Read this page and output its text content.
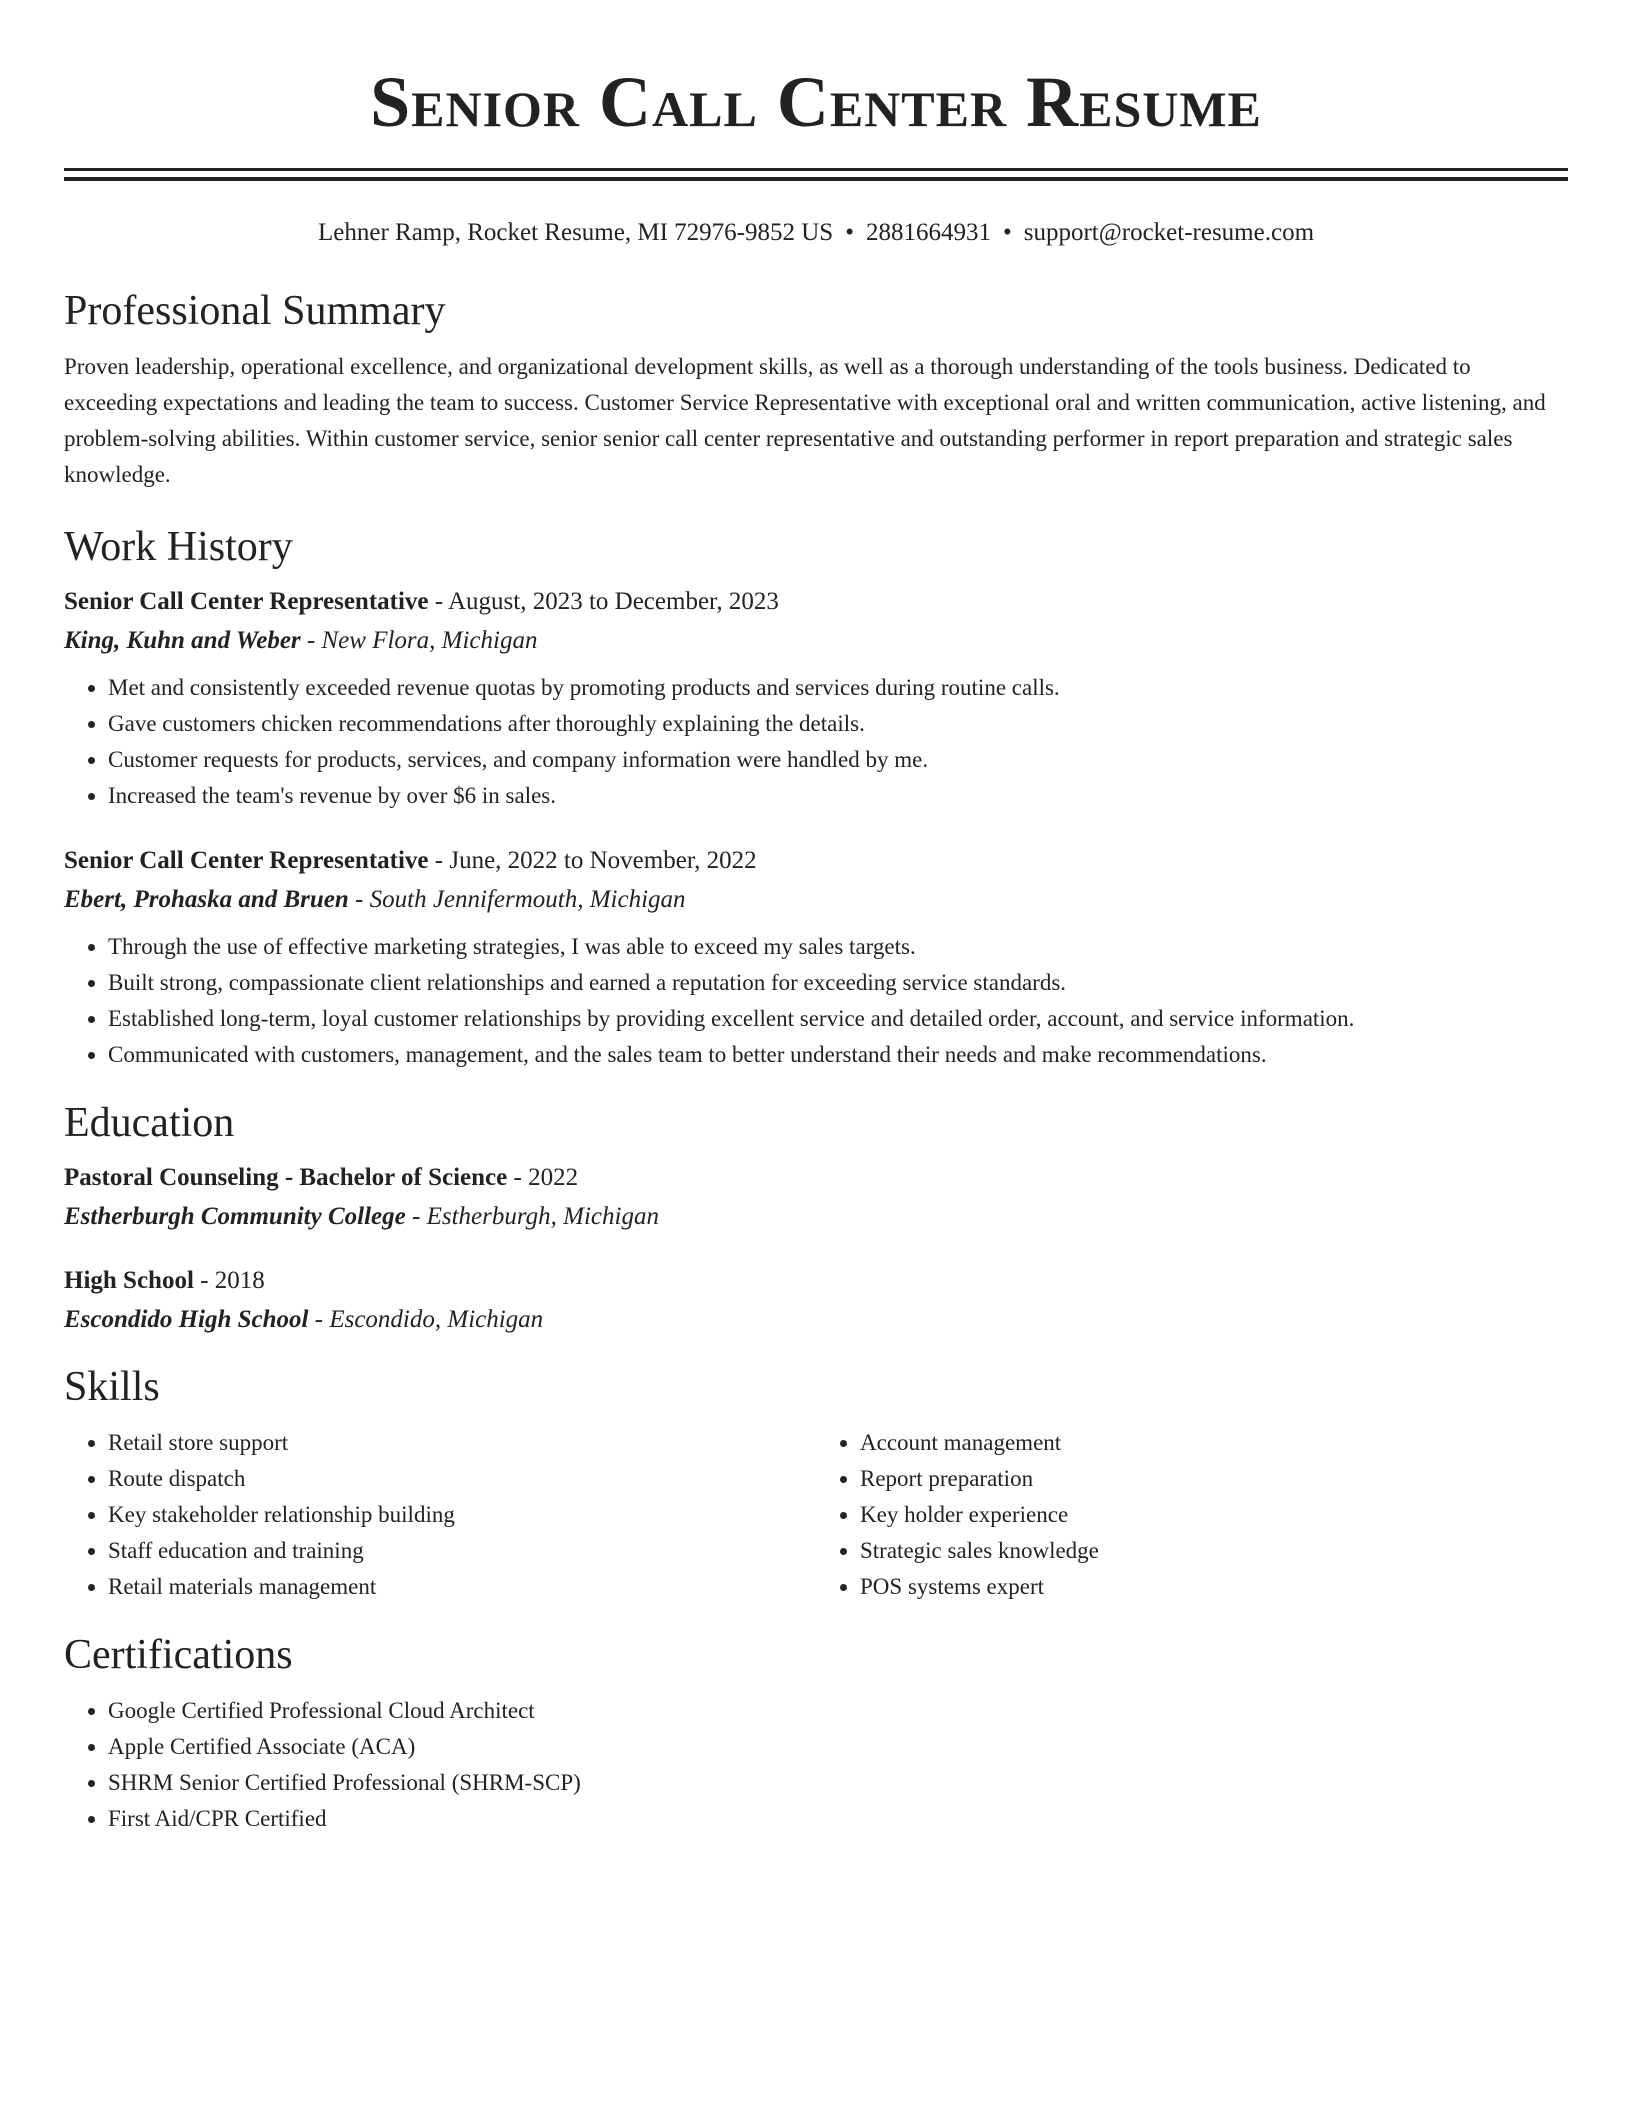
Senior Call Center Resume
Lehner Ramp, Rocket Resume, MI 72976-9852 US • 2881664931 • support@rocket-resume.com
Professional Summary

Proven leadership, operational excellence, and organizational development skills, as well as a thorough understanding of the tools business. Dedicated to exceeding expectations and leading the team to success. Customer Service Representative with exceptional oral and written communication, active listening, and problem-solving abilities. Within customer service, senior senior call center representative and outstanding performer in report preparation and strategic sales knowledge.

Work History
Senior Call Center Representative - August, 2023 to December, 2023
King, Kuhn and Weber - New Flora, Michigan
• Met and consistently exceeded revenue quotas by promoting products and services during routine calls.
• Gave customers chicken recommendations after thoroughly explaining the details.
• Customer requests for products, services, and company information were handled by me.
• Increased the team's revenue by over $6 in sales.
Senior Call Center Representative - June, 2022 to November, 2022
Ebert, Prohaska and Bruen - South Jennifermouth, Michigan
• Through the use of effective marketing strategies, I was able to exceed my sales targets.
• Built strong, compassionate client relationships and earned a reputation for exceeding service standards.
• Established long-term, loyal customer relationships by providing excellent service and detailed order, account, and service information.
• Communicated with customers, management, and the sales team to better understand their needs and make recommendations.
Education
Pastoral Counseling - Bachelor of Science - 2022
Estherburgh Community College - Estherburgh, Michigan
High School - 2018
Escondido High School - Escondido, Michigan
Skills
• Retail store support
• Route dispatch
• Key stakeholder relationship building
• Staff education and training
• Retail materials management
• Account management
• Report preparation
• Key holder experience
• Strategic sales knowledge
• POS systems expert
Certifications
• Google Certified Professional Cloud Architect
• Apple Certified Associate (ACA)
• SHRM Senior Certified Professional (SHRM-SCP)
• First Aid/CPR Certified
